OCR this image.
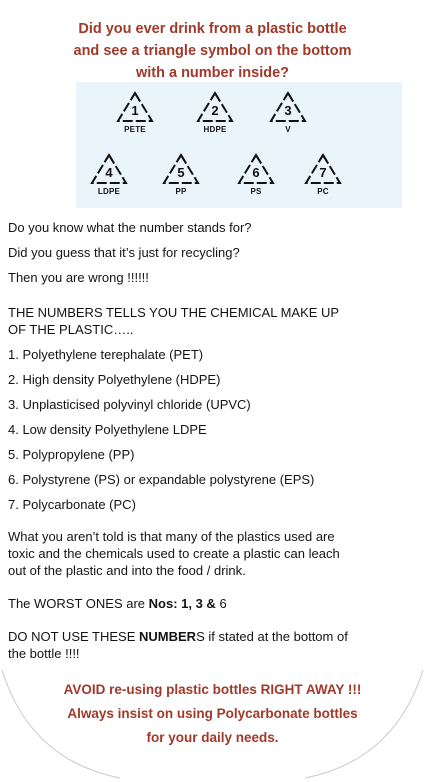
Did you ever drink from a plastic bottle
and see a triangle symbol on the bottom
with a number inside?
1
PETE
2
HDPE
3
V
4
LDPE
5
PP
6
PS
7
PC
Do you know what the number stands for?
Did you guess that it’s just for recycling?
Then you are wrong !!!!!!
THE NUMBERS TELLS YOU THE CHEMICAL MAKE UP
OF THE PLASTIC…..
1. Polyethylene terephalate (PET)
2. High density Polyethylene (HDPE)
3. Unplasticised polyvinyl chloride (UPVC)
4. Low density Polyethylene LDPE
5. Polypropylene (PP)
6. Polystyrene (PS) or expandable polystyrene (EPS)
7. Polycarbonate (PC)
What you aren’t told is that many of the plastics used are
toxic and the chemicals used to create a plastic can leach
out of the plastic and into the food / drink.
The WORST ONES are Nos: 1, 3 & 6
DO NOT USE THESE NUMBERS if stated at the bottom of
the bottle !!!!
AVOID re-using plastic bottles RIGHT AWAY !!!
Always insist on using Polycarbonate bottles
for your daily needs.
